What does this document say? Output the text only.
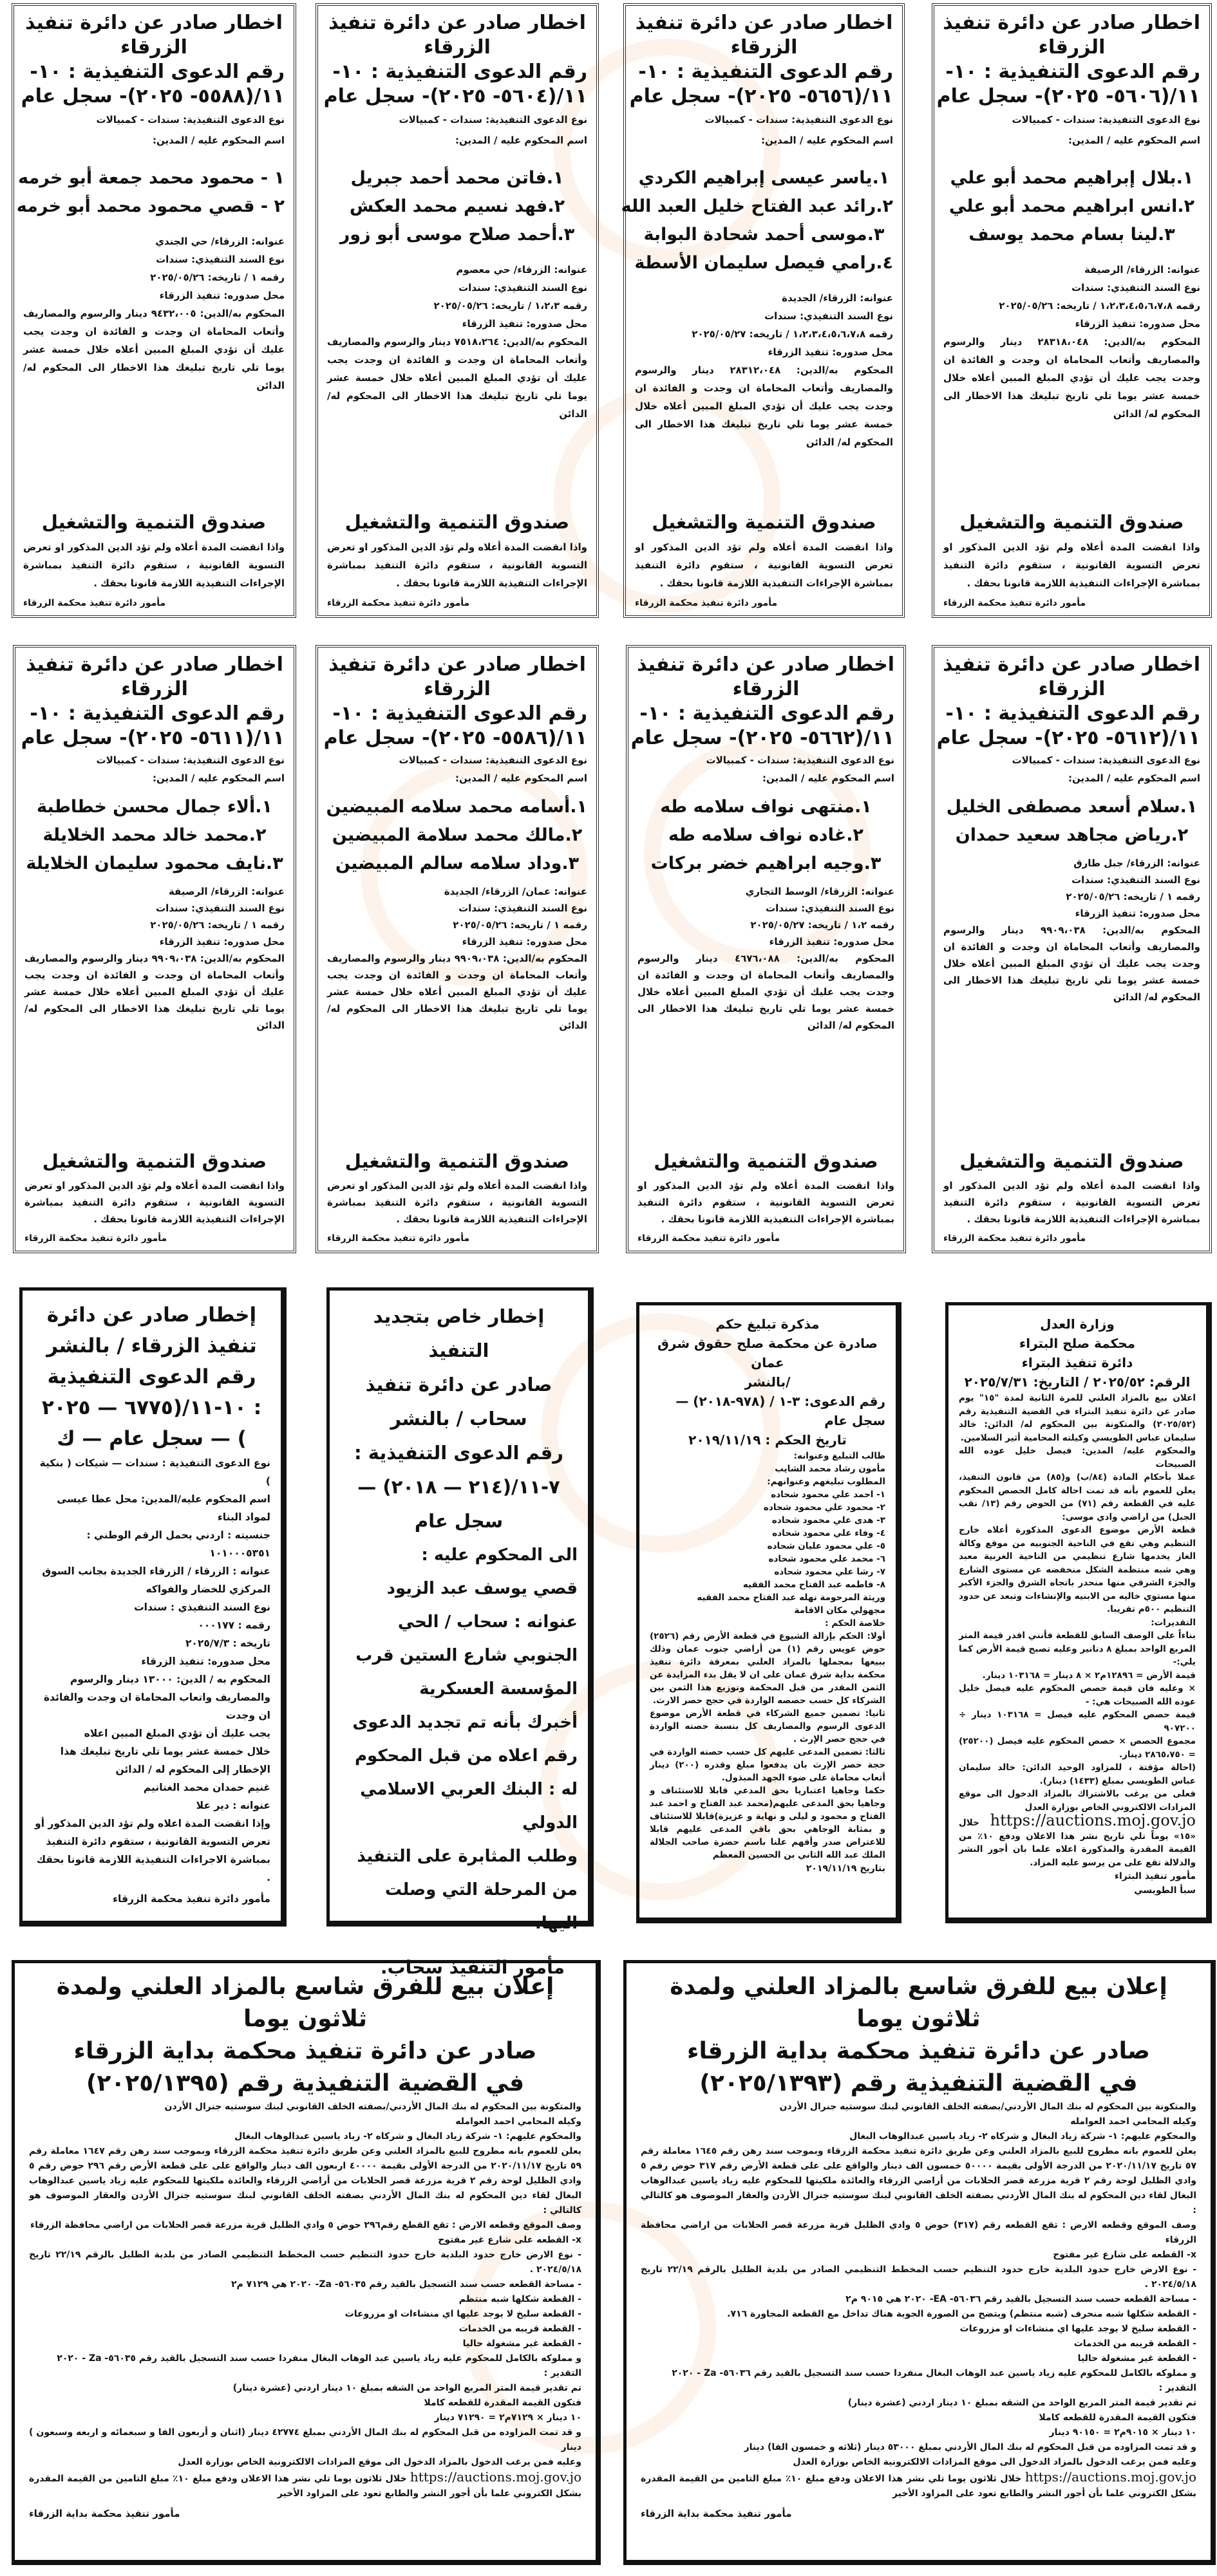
اخطار صادر عن دائرة تنفيذ
الزرقاء
رقم الدعوى التنفيذية : ١٠-
١١/(٥٦٠٦- ٢٠٢٥)- سجل عام
نوع الدعوى التنفيذية: سندات - كمبيالات
اسم المحكوم عليه / المدين:
١.بلال إبراهيم محمد أبو علي
٢.انس ابراهيم محمد أبو علي
٣.لينا بسام محمد يوسف
عنوانه: الزرقاء/ الرصيفة
نوع السند التنفيذي: سندات
رقمه ١،٢،٣،٤،٥،٦،٧،٨ / تاريخه: ٢٠٢٥/٠٥/٢٦
محل صدوره: تنفيذ الزرقاء
المحكوم به/الدين: ٢٨٣١٨،٠٤٨ دينار والرسوم والمصاريف وأتعاب المحاماة ان وجدت و الفائدة ان وجدت يجب عليك أن تؤدي المبلغ المبين أعلاه خلال خمسة عشر يوما تلي تاريخ تبليغك هذا الاخطار الى المحكوم له/ الدائن
صندوق التنمية والتشغيل
واذا انقضت المدة أعلاه ولم تؤد الدين المذكور او تعرض التسوية القانونية ، ستقوم دائرة التنفيذ بمباشرة الإجراءات التنفيذية اللازمة قانونا بحقك .
مأمور دائرة تنفيذ محكمة الزرقاء
اخطار صادر عن دائرة تنفيذ
الزرقاء
رقم الدعوى التنفيذية : ١٠-
١١/(٥٦٥٦- ٢٠٢٥)- سجل عام
نوع الدعوى التنفيذية: سندات - كمبيالات
اسم المحكوم عليه / المدين:
١.ياسر عيسى إبراهيم الكردي
٢.رائد عبد الفتاح خليل العبد الله
٣.موسى أحمد شحادة البوابة
٤.رامي فيصل سليمان الأسطة
عنوانه: الزرقاء/ الجديدة
نوع السند التنفيذي: سندات
رقمه ١،٢،٣،٤،٥،٦،٧،٨ / تاريخه: ٢٠٢٥/٠٥/٢٧
محل صدوره: تنفيذ الزرقاء
المحكوم به/الدين: ٢٨٣١٢،٠٤٨ دينار والرسوم والمصاريف وأتعاب المحاماة ان وجدت و الفائدة ان وجدت يجب عليك أن تؤدي المبلغ المبين أعلاه خلال خمسة عشر يوما تلي تاريخ تبليغك هذا الاخطار الى المحكوم له/ الدائن
صندوق التنمية والتشغيل
واذا انقضت المدة أعلاه ولم تؤد الدين المذكور او تعرض التسوية القانونية ، ستقوم دائرة التنفيذ بمباشرة الإجراءات التنفيذية اللازمة قانونا بحقك .
مأمور دائرة تنفيذ محكمة الزرقاء
اخطار صادر عن دائرة تنفيذ
الزرقاء
رقم الدعوى التنفيذية : ١٠-
١١/(٥٦٠٤- ٢٠٢٥)- سجل عام
نوع الدعوى التنفيذية: سندات - كمبيالات
اسم المحكوم عليه / المدين:
١.فاتن محمد أحمد جبريل
٢.فهد نسيم محمد العكش
٣.أحمد صلاح موسى أبو زور
عنوانه: الزرقاء/ حي معصوم
نوع السند التنفيذي: سندات
رقمه ١،٢،٣ / تاريخه: ٢٠٢٥/٠٥/٢٦
محل صدوره: تنفيذ الزرقاء
المحكوم به/الدين: ٧٥١٨،٢٦٤ دينار والرسوم والمصاريف وأتعاب المحاماة ان وجدت و الفائدة ان وجدت يجب عليك أن تؤدي المبلغ المبين أعلاه خلال خمسة عشر يوما تلي تاريخ تبليغك هذا الاخطار الى المحكوم له/ الدائن
صندوق التنمية والتشغيل
واذا انقضت المدة أعلاه ولم تؤد الدين المذكور او تعرض التسوية القانونية ، ستقوم دائرة التنفيذ بمباشرة الإجراءات التنفيذية اللازمة قانونا بحقك .
مأمور دائرة تنفيذ محكمة الزرقاء
اخطار صادر عن دائرة تنفيذ
الزرقاء
رقم الدعوى التنفيذية : ١٠-
١١/(٥٥٨٨- ٢٠٢٥)- سجل عام
نوع الدعوى التنفيذية: سندات - كمبيالات
اسم المحكوم عليه / المدين:
١ - محمود محمد جمعة أبو خرمه
٢ - قصي محمود محمد أبو خرمه
عنوانه: الزرقاء/ حي الجندي
نوع السند التنفيذي: سندات
رقمه ١ / تاريخه: ٢٠٢٥/٠٥/٢٦
محل صدوره: تنفيذ الزرقاء
المحكوم به/الدين: ٩٤٣٢،٠٠٥ دينار والرسوم والمصاريف وأتعاب المحاماة ان وجدت و الفائدة ان وجدت يجب عليك أن تؤدي المبلغ المبين أعلاه خلال خمسة عشر يوما تلي تاريخ تبليغك هذا الاخطار الى المحكوم له/ الدائن
صندوق التنمية والتشغيل
واذا انقضت المدة أعلاه ولم تؤد الدين المذكور او تعرض التسوية القانونية ، ستقوم دائرة التنفيذ بمباشرة الإجراءات التنفيذية اللازمة قانونا بحقك .
مأمور دائرة تنفيذ محكمة الزرقاء
اخطار صادر عن دائرة تنفيذ
الزرقاء
رقم الدعوى التنفيذية : ١٠-
١١/(٥٦١٢- ٢٠٢٥)- سجل عام
نوع الدعوى التنفيذية: سندات - كمبيالات
اسم المحكوم عليه / المدين:
١.سلام أسعد مصطفى الخليل
٢.رياض مجاهد سعيد حمدان
عنوانه: الزرقاء/ جبل طارق
نوع السند التنفيذي: سندات
رقمه ١ / تاريخه: ٢٠٢٥/٠٥/٢٦
محل صدوره: تنفيذ الزرقاء
المحكوم به/الدين: ٩٩٠٩،٠٣٨ دينار والرسوم والمصاريف وأتعاب المحاماة ان وجدت و الفائدة ان وجدت يجب عليك أن تؤدي المبلغ المبين أعلاه خلال خمسة عشر يوما تلي تاريخ تبليغك هذا الاخطار الى المحكوم له/ الدائن
صندوق التنمية والتشغيل
واذا انقضت المدة أعلاه ولم تؤد الدين المذكور او تعرض التسوية القانونية ، ستقوم دائرة التنفيذ بمباشرة الإجراءات التنفيذية اللازمة قانونا بحقك .
مأمور دائرة تنفيذ محكمة الزرقاء
اخطار صادر عن دائرة تنفيذ
الزرقاء
رقم الدعوى التنفيذية : ١٠-
١١/(٥٦٦٢- ٢٠٢٥)- سجل عام
نوع الدعوى التنفيذية: سندات - كمبيالات
اسم المحكوم عليه / المدين:
١.منتهى نواف سلامه طه
٢.غاده نواف سلامه طه
٣.وجيه ابراهيم خضر بركات
عنوانه: الزرقاء/ الوسط التجاري
نوع السند التنفيذي: سندات
رقمه ١،٢ / تاريخه: ٢٠٢٥/٠٥/٢٧
محل صدوره: تنفيذ الزرقاء
المحكوم به/الدين: ٤٦٧٦،٠٨٨ دينار والرسوم والمصاريف وأتعاب المحاماة ان وجدت و الفائدة ان وجدت يجب عليك أن تؤدي المبلغ المبين أعلاه خلال خمسة عشر يوما تلي تاريخ تبليغك هذا الاخطار الى المحكوم له/ الدائن
صندوق التنمية والتشغيل
واذا انقضت المدة أعلاه ولم تؤد الدين المذكور او تعرض التسوية القانونية ، ستقوم دائرة التنفيذ بمباشرة الإجراءات التنفيذية اللازمة قانونا بحقك .
مأمور دائرة تنفيذ محكمة الزرقاء
اخطار صادر عن دائرة تنفيذ
الزرقاء
رقم الدعوى التنفيذية : ١٠-
١١/(٥٥٨٦- ٢٠٢٥)- سجل عام
نوع الدعوى التنفيذية: سندات - كمبيالات
اسم المحكوم عليه / المدين:
١.أسامه محمد سلامه المبيضين
٢.مالك محمد سلامة المبيضين
٣.وداد سلامه سالم المبيضين
عنوانه: عمان/ الزرقاء/ الجديدة
نوع السند التنفيذي: سندات
رقمه ١ / تاريخه: ٢٠٢٥/٠٥/٢٦
محل صدوره: تنفيذ الزرقاء
المحكوم به/الدين: ٩٩٠٩،٠٣٨ دينار والرسوم والمصاريف وأتعاب المحاماة ان وجدت و الفائدة ان وجدت يجب عليك أن تؤدي المبلغ المبين أعلاه خلال خمسة عشر يوما تلي تاريخ تبليغك هذا الاخطار الى المحكوم له/ الدائن
صندوق التنمية والتشغيل
واذا انقضت المدة أعلاه ولم تؤد الدين المذكور او تعرض التسوية القانونية ، ستقوم دائرة التنفيذ بمباشرة الإجراءات التنفيذية اللازمة قانونا بحقك .
مأمور دائرة تنفيذ محكمة الزرقاء
اخطار صادر عن دائرة تنفيذ
الزرقاء
رقم الدعوى التنفيذية : ١٠-
١١/(٥٦١١- ٢٠٢٥)- سجل عام
نوع الدعوى التنفيذية: سندات - كمبيالات
اسم المحكوم عليه / المدين:
١.ألاء جمال محسن خطاطبة
٢.محمد خالد محمد الخلايلة
٣.نايف محمود سليمان الخلايلة
عنوانه: الزرقاء/ الرصيفة
نوع السند التنفيذي: سندات
رقمه ١ / تاريخه: ٢٠٢٥/٠٥/٢٦
محل صدوره: تنفيذ الزرقاء
المحكوم به/الدين: ٩٩٠٩،٠٣٨ دينار والرسوم والمصاريف وأتعاب المحاماة ان وجدت و الفائدة ان وجدت يجب عليك أن تؤدي المبلغ المبين أعلاه خلال خمسة عشر يوما تلي تاريخ تبليغك هذا الاخطار الى المحكوم له/ الدائن
صندوق التنمية والتشغيل
واذا انقضت المدة أعلاه ولم تؤد الدين المذكور او تعرض التسوية القانونية ، ستقوم دائرة التنفيذ بمباشرة الإجراءات التنفيذية اللازمة قانونا بحقك .
مأمور دائرة تنفيذ محكمة الزرقاء
إخطار صادر عن دائرة
تنفيذ الزرقاء / بالنشر
رقم الدعوى التنفيذية
: ١٠-١١/(٦٧٧٥ — ٢٠٢٥
) — سجل عام — ك
نوع الدعوى التنفيذية : سندات — شيكات ( بنكية )
اسم المحكوم عليه/المدين: محل عطا عيسى لمواد البناء
جنسيته : اردني يحمل الرقم الوطني : ١٠١٠٠٠٥٣٥١
عنوانه : الزرقاء / الزرقاء الجديدة بجانب السوق المركزي للخضار والفواكه
نوع السند التنفيذي : سندات
رقمه : ٠٠٠١٧٧
تاريخه : ٢٠٢٥/٧/٣
محل صدوره: تنفيذ الزرقاء
المحكوم به / الدين: ١٣٠٠٠ دينار والرسوم والمصاريف واتعاب المحاماة ان وجدت والفائدة ان وجدت
يجب عليك أن تؤدي المبلغ المبين اعلاه
خلال خمسة عشر يوما تلي تاريخ تبليغك هذا الإخطار إلى المحكوم له / الدائن
غنيم حمدان محمد الغنانيم
عنوانه : دير علا
وإذا انقضت المدة اعلاه ولم تؤد الدين المذكور أو تعرض التسوية القانونية ، ستقوم دائرة التنفيذ بمباشرة الاجراءات التنفيذية اللازمة قانونا بحقك .
مأمور دائرة تنفيذ محكمة الزرقاء
إخطار خاص بتجديد
التنفيذ
صادر عن دائرة تنفيذ
سحاب / بالنشر
رقم الدعوى التنفيذية :
٧-١١/(٢١٤ — ٢٠١٨) —
سجل عام
الى المحكوم عليه :
قصي يوسف عبد الزيود
عنوانه : سحاب / الحي الجنوبي شارع الستين قرب المؤسسة العسكرية
أخبرك بأنه تم تجديد الدعوى رقم اعلاه من قبل المحكوم له : البنك العربي الاسلامي الدولي
وطلب المثابرة على التنفيذ من المرحلة التي وصلت اليها.
مأمور التنفيذ سحاب.
مذكرة تبليغ حكم
صادرة عن محكمة صلح حقوق شرق عمان
/بالنشر
رقم الدعوى: ٣-١ / (٩٧٨-٢٠١٨) — سجل عام
تاريخ الحكم : ٢٠١٩/١١/١٩
طالب التبليغ وعنوانه:
مأمون رشاد محمد الشايب
المطلوب تبليغهم وعنوانهم:
١- احمد علي محمود شحاده
٢- محمود علي محمود شحاده
٣- هدى علي محمود شحاده
٤- وفاء علي محمود شحاده
٥- علي محمود عليان شحاده
٦- محمد علي محمود شحاده
٧- رشا علي محمود شحاده
٨- فاطمه عبد الفتاح محمد الفقيه
وريثة المرحومة نهله عبد الفتاح محمد الفقيه
مجهولي مكان الاقامة
خلاصة الحكم :
أولا: الحكم بإزالة الشيوع في قطعة الأرض رقم (٢٥٢٦) حوض عويس رقم (١) من أراضي جنوب عمان وذلك ببيعها بمجملها بالمزاد العلني بمعرفة دائرة تنفيذ محكمة بداية شرق عمان على ان لا يقل بدء المزايدة عن الثمن المقدر من قبل المحكمة وتوزيع هذا الثمن بين الشركاء كل حسب حصصه الواردة في حجج حصر الارث.
ثانيا: تضمين جميع الشركاء في قطعة الأرض موضوع الدعوى الرسوم والمصاريف كل بنسبة حصته الواردة في حجج حصر الإرث .
ثالثا: تضمين المدعى عليهم كل حسب حصته الواردة في حجة حصر الإرث بان يدفعوا مبلغ وقدره (٢٠٠) دينار أتعاب محاماة على ضوء الجهد المبذول.
حكما وجاهيا اعتباريا بحق المدعي قابلا للاستئناف و وجاهيا بحق المدعى عليهم(محمد عبد الفتاح و احمد عبد الفتاح و محمود و ليلى و نهاية و عزيزة)قابلا للاستئناف و بمثابة الوجاهي بحق باقي المدعى عليهم قابلا للاعتراض صدر وأفهم علنا باسم حضرة صاحب الجلالة الملك عبد الله الثاني بن الحسين المعظم
بتاريخ ٢٠١٩/١١/١٩
وزارة العدل
محكمة صلح البتراء
دائرة تنفيذ البتراء
الرقم: ٢٠٢٥/٥٢ / التاريخ: ٢٠٢٥/٧/٣١
اعلان بيع بالمزاد العلني للمرة الثانية لمدة "١٥" يوم صادر عن دائرة تنفيذ البتراء في القضية التنفيذية رقم (٢٠٢٥/٥٢) والمتكونة بين المحكوم له/ الدائن: خالد سليمان عباس الطويسي وكيلته المحامية أثير السلامين.
والمحكوم عليه/ المدين: فيصل خليل عوده الله الصبيحات
عملا بأحكام المادة (٨٤/ب) و(٨٥) من قانون التنفيذ، يعلن للعموم بأنه قد تمت احالة كامل الحصص المحكوم عليه في القطعة رقم (٧١) من الحوض رقم (١٣/ نقب الجبل) من اراضي وادي موسى:
قطعة الأرض موضوع الدعوى المذكورة أعلاه خارج التنظيم وهي تقع في الناحية الجنوبيه من موقع وكالة الغاز يخدمها شارع تنظيمي من الناحية الغربية معبد وهي شبه منتظمة الشكل منخفضه عن مستوى الشارع والجزء الشرقي منها منحدر باتجاه الشرق والجزء الأكبر منها مستوي خاليه من الابنيه والإنشاءات وتبعد عن حدود التنظيم ٥٠٠م تقريبا.
التقديرات:
بناءاً على الوصف السابق للقطعة فأنني اقدر قيمة المتر المربع الواحد بمبلغ ٨ دنانير وعليه تصبح قيمة الأرض كما يلي:-
قيمة الأرض = ١٢٨٩٦م٢ × ٨ دينار = ١٠٣١٦٨ دينار.
× وعليه فان قيمة حصص المحكوم عليه فيصل خليل عوده الله الصبيحات هي: -
قيمة حصص المحكوم عليه فيصل = ١٠٣١٦٨ دينار ÷ ٩٠٧٢٠٠
مجموع الحصص × حصص المحكوم عليه فيصل (٢٥٢٠٠) = ٢٨٦٥،٧٥٠ دينار.
(احالة مؤقتة ، للمزاود الوحيد الدائن: خالد سليمان عباس الطويسي بمبلغ (١٤٣٣) دينار).
فعلى من يرغب بالاشتراك بالمزاد الدخول الى موقع المزادات الالكتروني الخاص بوزارة العدل
https://auctions.moj.gov.jo خلال «١٥» يوماً تلي تاريخ نشر هذا الاعلان ودفع ١٠٪ من القيمة المقدرة والمذكورة اعلاه علما بان أجور النشر والدلالة تقع على من يرسو عليه المزاد.
مأمور تنفيذ البتراء
سبأ الطويسي
إعلان بيع للفرق شاسع بالمزاد العلني ولمدة ثلاثون يوما
صادر عن دائرة تنفيذ محكمة بداية الزرقاء
في القضية التنفيذية رقم (٢٠٢٥/١٣٩٣)
والمتكونة بين المحكوم له بنك المال الأردني/بصفته الخلف القانوني لبنك سوستيه جنرال الأردن
وكيله المحامي احمد العوامله
والمحكوم عليهم: ١- شركة زياد البغال و شركاه ٢- زياد ياسين عبدالوهاب البغال
يعلن للعموم بانه مطروح للبيع بالمزاد العلني وعن طريق دائرة تنفيذ محكمة الزرقاء وبموجب سند رهن رقم ١٦٤٥ معاملة رقم ٥٧ تاريخ ٢٠٢٠/١١/١٧ من الدرجة الأولى بقيمة ٥٠٠٠٠ خمسون الف دينار والواقع على على قطعة الأرض رقم ٣١٧ حوض رقم ٥ وادي الظليل لوحة رقم ٢ قرية مزرعة قصر الحلابات من أراضي الزرقاء والعائدة ملكيتها للمحكوم عليه زياد ياسين عبدالوهاب البغال لقاء دين المحكوم له بنك المال الأردني بصفته الخلف القانوني لبنك سوستيه جنرال الأردن والعقار الموصوف هو كالتالي :
وصف الموقع وقطعه الارض : تقع القطعه رقم (٣١٧) حوض ٥ وادي الظليل قرية مزرعة قصر الحلابات من اراضي محافظة الزرقاء
x- القطعه على شارع غير مفتوح
- نوع الارض خارج حدود البلدية خارج حدود التنظيم حسب المخطط التنظيمي الصادر من بلدية الظليل بالرقم ٢٢/١٩ تاريخ ٢٠٢٤/٥/١٨ .
- مساحة القطعه حسب سند التسجيل بالقيد رقم ٥٦٠٣٦- EA- ٢٠٢٠ هي ٩٠١٥ م٢
- القطعة شكلها شبه منحرف (شبه منتظم) ويتضح من الصورة الجوية هناك تداخل مع القطعة المجاورة ٧١٦.
- القطعة سليخ لا يوجد عليها اي منشاءات او مزروعات
- القطعة قريبه من الخدمات
- القطعة غير مشغولة حاليا
و مملوكه بالكامل للمحكوم عليه زياد ياسين عبد الوهاب البغال منفردا حسب سند التسجيل بالقيد رقم ٥٦٠٣٦- Za - ٢٠٢٠
التقدير :
تم تقدير قيمة المتر المربع الواحد من الشقه بمبلغ ١٠ دينار اردني (عشرة دينار)
فتكون القيمة المقدرة للقطعه كاملا
١٠ دينار × ٩٠١٥م٢ = ٩٠١٥٠ دينار
و قد تمت المزاوده من قبل المحكوم له بنك المال الأردني بمبلغ ٥٣٠٠٠ دينار (ثلاثه و خمسون الفا) دينار
وعليه فمن يرغب الدخول بالمزاد الدخول الى موقع المزادات الالكترونية الخاص بوزارة العدل
https://auctions.moj.gov.jo خلال ثلاثون يوما تلي نشر هذا الاعلان ودفع مبلغ ١٠٪ مبلغ التامين من القيمة المقدرة بشكل الكتروني علما بأن أجور النشر والطابع تعود على المزاود الأخير
مأمور تنفيذ محكمة بداية الزرقاء
إعلان بيع للفرق شاسع بالمزاد العلني ولمدة ثلاثون يوما
صادر عن دائرة تنفيذ محكمة بداية الزرقاء
في القضية التنفيذية رقم (٢٠٢٥/١٣٩٥)
والمتكونة بين المحكوم له بنك المال الأردني/بصفته الخلف القانوني لبنك سوستيه جنرال الأردن
وكيله المحامي احمد العوامله
والمحكوم عليهم: ١- شركة زياد البغال و شركاه ٢- زياد ياسين عبدالوهاب البغال
يعلن للعموم بانه مطروح للبيع بالمزاد العلني وعن طريق دائرة تنفيذ محكمة الزرقاء وبموجب سند رهن رقم ١٦٤٧ معاملة رقم ٥٩ تاريخ ٢٠٢٠/١١/١٧ من الدرجة الأولى بقيمة ٤٠٠٠٠ اربعون الف دينار والواقع على على قطعة الأرض رقم ٢٩٦ حوض رقم ٥ وادي الظليل لوحة رقم ٢ قرية مزرعة قصر الحلابات من أراضي الزرقاء والعائدة ملكيتها للمحكوم عليه زياد ياسين عبدالوهاب البغال لقاء دين المحكوم له بنك المال الأردني بصفته الخلف القانوني لبنك سوستيه جنرال الأردن والعقار الموصوف هو كالتالي :
وصف الموقع وقطعه الارض : تقع القطع رقم٢٩٦ حوض ٥ وادي الظليل قرية مزرعة قصر الحلابات من اراضي محافظة الزرقاء
x- القطعه على شارع غير مفتوح
- نوع الارض خارج حدود البلدية خارج حدود التنظيم حسب المخطط التنظيمي الصادر من بلدية الظليل بالرقم ٢٢/١٩ تاريخ ٢٠٢٤/٥/١٨ .
- مساحة القطعه حسب سند التسجيل بالقيد رقم ٥٦٠٣٥- Za- ٢٠٢٠ هي ٧١٢٩ م٢
- القطعة شكلها شبه منتظم
- القطعة سليخ لا يوجد عليها اي منشاءات او مزروعات
- القطعة قريبه من الخدمات
- القطعة غير مشغولة حاليا
و مملوكه بالكامل للمحكوم عليه زياد ياسين عبد الوهاب البغال منفردا حسب سند التسجيل بالقيد رقم ٥٦٠٣٥- Za - ٢٠٢٠
التقدير :
تم تقدير قيمة المتر المربع الواحد من الشقه بمبلغ ١٠ دينار اردني (عشرة دينار)
فتكون القيمة المقدرة للقطعه كاملا
١٠ دينار × ٧١٢٩م٢ = ٧١٢٩٠ دينار
و قد تمت المزاوده من قبل المحكوم له بنك المال الأردني بمبلغ ٤٢٧٧٤ دينار (اثنان و أربعون الفا و سبعمائه و اربعه وسبعون ) دينار
وعليه فمن يرغب الدخول بالمزاد الدخول الى موقع المزادات الالكترونية الخاص بوزارة العدل
https://auctions.moj.gov.jo خلال ثلاثون يوما تلي نشر هذا الاعلان ودفع مبلغ ١٠٪ مبلغ التامين من القيمة المقدرة بشكل الكتروني علما بأن أجور النشر والطابع تعود على المزاود الأخير
مأمور تنفيذ محكمة بداية الزرقاء
